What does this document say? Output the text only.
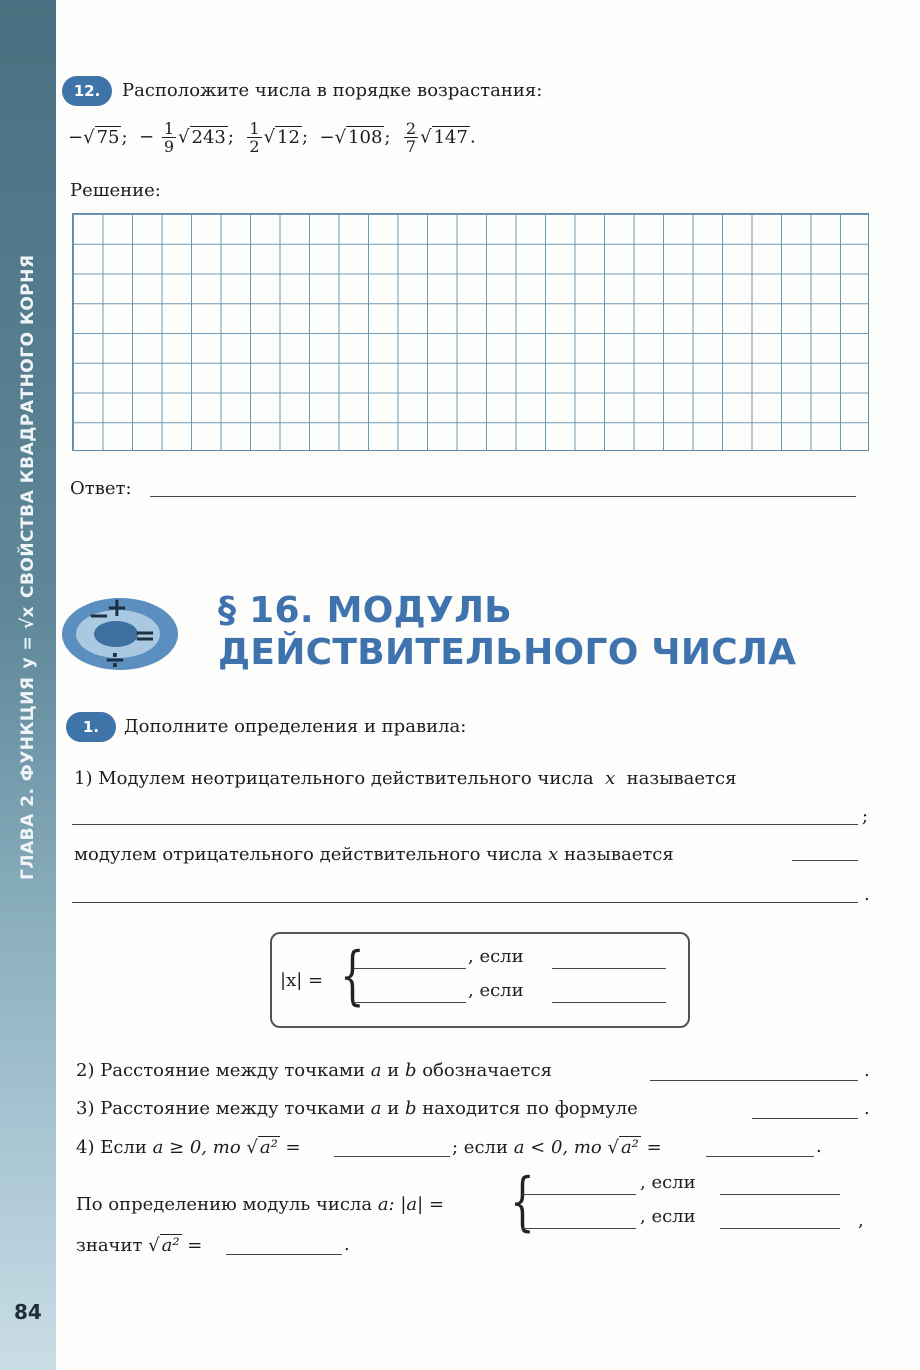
ГЛАВА 2. ФУНКЦИЯ
y = √x
СВОЙСТВА КВАДРАТНОГО КОРНЯ
84
12.	Расположите числа в порядке возрастания:
−√ 75 ; − $\frac{1}{9}$ √ 243 ; $\frac{1}{2}$ √ 12 ; −√ 108 ; $\frac{2}{7}$ √ 147 .
Решение:
Ответ:
−
+
=
÷
§ 16. МОДУЛЬ
ДЕЙСТВИТЕЛЬНОГО ЧИСЛА
1.	Дополните определения и правила:
1) Модулем неотрицательного действительного числа x называется
;
модулем отрицательного действительного числа x называется
.
|x| = {	, если
, если
2) Расстояние между точками a и b обозначается	.
3) Расстояние между точками a и b находится по формуле	.
4) Если
a ≥ 0, то √ a²
=	; если
a < 0, то √ a²
=	.
По определению модуль числа a: |a| = {	, если
, если	,
значит √ a²
=	.
